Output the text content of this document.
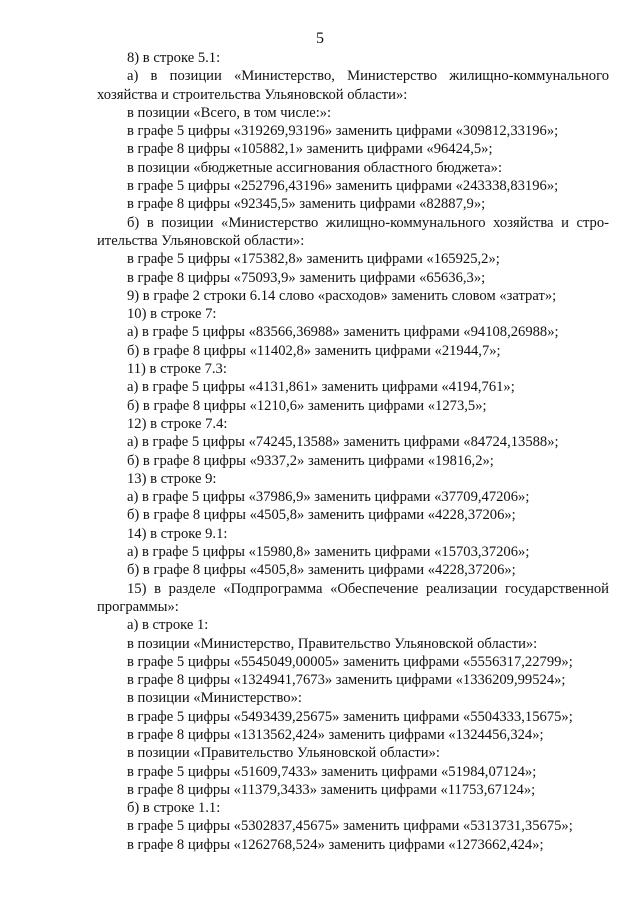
5
8) в строке 5.1:
а) в позиции «Министерство, Министерство жилищно-коммунального
хозяйства и строительства Ульяновской области»:
в позиции «Всего, в том числе:»:
в графе 5 цифры «319269,93196» заменить цифрами «309812,33196»;
в графе 8 цифры «105882,1» заменить цифрами «96424,5»;
в позиции «бюджетные ассигнования областного бюджета»:
в графе 5 цифры «252796,43196» заменить цифрами «243338,83196»;
в графе 8 цифры «92345,5» заменить цифрами «82887,9»;
б) в позиции «Министерство жилищно-коммунального хозяйства и стро-
ительства Ульяновской области»:
в графе 5 цифры «175382,8» заменить цифрами «165925,2»;
в графе 8 цифры «75093,9» заменить цифрами «65636,3»;
9) в графе 2 строки 6.14 слово «расходов» заменить словом «затрат»;
10) в строке 7:
а) в графе 5 цифры «83566,36988» заменить цифрами «94108,26988»;
б) в графе 8 цифры «11402,8» заменить цифрами «21944,7»;
11) в строке 7.3:
а) в графе 5 цифры «4131,861» заменить цифрами «4194,761»;
б) в графе 8 цифры «1210,6» заменить цифрами «1273,5»;
12) в строке 7.4:
а) в графе 5 цифры «74245,13588» заменить цифрами «84724,13588»;
б) в графе 8 цифры «9337,2» заменить цифрами «19816,2»;
13) в строке 9:
а) в графе 5 цифры «37986,9» заменить цифрами «37709,47206»;
б) в графе 8 цифры «4505,8» заменить цифрами «4228,37206»;
14) в строке 9.1:
а) в графе 5 цифры «15980,8» заменить цифрами «15703,37206»;
б) в графе 8 цифры «4505,8» заменить цифрами «4228,37206»;
15) в разделе «Подпрограмма «Обеспечение реализации государственной
программы»:
а) в строке 1:
в позиции «Министерство, Правительство Ульяновской области»:
в графе 5 цифры «5545049,00005» заменить цифрами «5556317,22799»;
в графе 8 цифры «1324941,7673» заменить цифрами «1336209,99524»;
в позиции «Министерство»:
в графе 5 цифры «5493439,25675» заменить цифрами «5504333,15675»;
в графе 8 цифры «1313562,424» заменить цифрами «1324456,324»;
в позиции «Правительство Ульяновской области»:
в графе 5 цифры «51609,7433» заменить цифрами «51984,07124»;
в графе 8 цифры «11379,3433» заменить цифрами «11753,67124»;
б) в строке 1.1:
в графе 5 цифры «5302837,45675» заменить цифрами «5313731,35675»;
в графе 8 цифры «1262768,524» заменить цифрами «1273662,424»;
